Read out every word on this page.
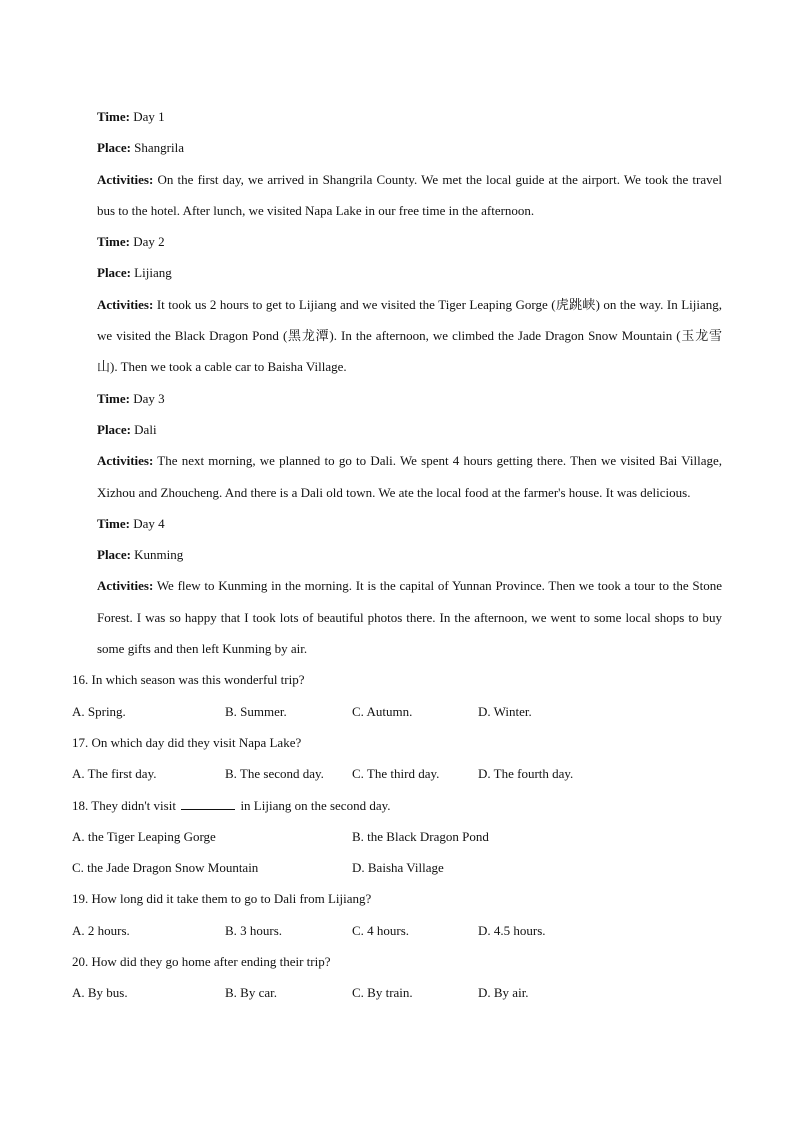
Time: Day 1
Place: Shangrila
Activities: On the first day, we arrived in Shangrila County. We met the local guide at the airport. We took the travel bus to the hotel. After lunch, we visited Napa Lake in our free time in the afternoon.
Time: Day 2
Place: Lijiang
Activities: It took us 2 hours to get to Lijiang and we visited the Tiger Leaping Gorge (虎跳峡) on the way. In Lijiang, we visited the Black Dragon Pond (黑龙潭). In the afternoon, we climbed the Jade Dragon Snow Mountain (玉龙雪山). Then we took a cable car to Baisha Village.
Time: Day 3
Place: Dali
Activities: The next morning, we planned to go to Dali. We spent 4 hours getting there. Then we visited Bai Village, Xizhou and Zhoucheng. And there is a Dali old town. We ate the local food at the farmer's house. It was delicious.
Time: Day 4
Place: Kunming
Activities: We flew to Kunming in the morning. It is the capital of Yunnan Province. Then we took a tour to the Stone Forest. I was so happy that I took lots of beautiful photos there. In the afternoon, we went to some local shops to buy some gifts and then left Kunming by air.
16. In which season was this wonderful trip?
A. Spring.	B. Summer.	C. Autumn.	D. Winter.
17. On which day did they visit Napa Lake?
A. The first day.	B. The second day. C. The third day.	D. The fourth day.
18. They didn't visit	in Lijiang on the second day.
A. the Tiger Leaping Gorge	B. the Black Dragon Pond
C. the Jade Dragon Snow Mountain	D. Baisha Village
19. How long did it take them to go to Dali from Lijiang?
A. 2 hours.	B. 3 hours.	C. 4 hours.	D. 4.5 hours.
20. How did they go home after ending their trip?
A. By bus.	B. By car.	C. By train.	D. By air.
